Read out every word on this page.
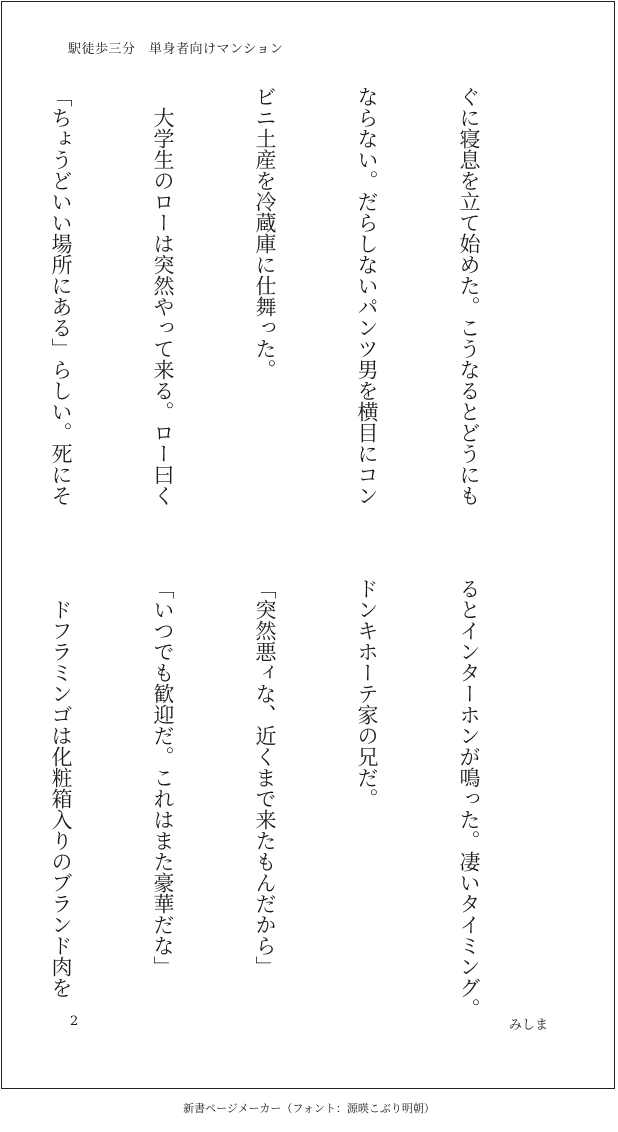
駅徒歩三分　単身者向けマンション

ぐに寝息を立て始めた。こうなるとどうにも

ならない。だらしないパンツ男を横目にコン

ビニ土産を冷蔵庫に仕舞った。

　大学生のローは突然やって来る。ロー曰く

「ちょうどいい場所にある」らしい。死にそ

るとインターホンが鳴った。凄いタイミング。

ドンキホーテ家の兄だ。

「突然悪ィな、近くまで来たもんだから」

「いつでも歓迎だ。これはまた豪華だな」

　ドフラミンゴは化粧箱入りのブランド肉を

2	みしま
新書ページメーカー（フォント：源暎こぶり明朝）
